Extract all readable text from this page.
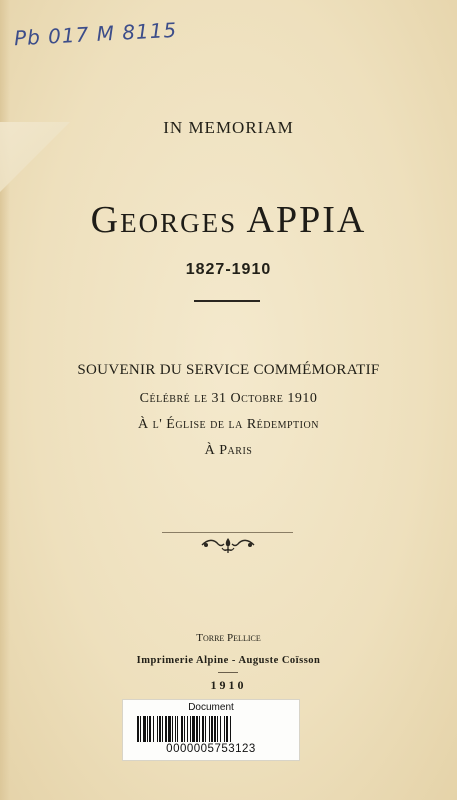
Pb 017 M 8115
IN MEMORIAM
Georges APPIA
1827-1910
SOUVENIR DU SERVICE COMMÉMORATIF
Célébré le 31 Octobre 1910
À l' Église de la Rédemption
À Paris
Torre Pellice
Imprimerie Alpine - Auguste Coïsson
1910
Document
0000005753123
